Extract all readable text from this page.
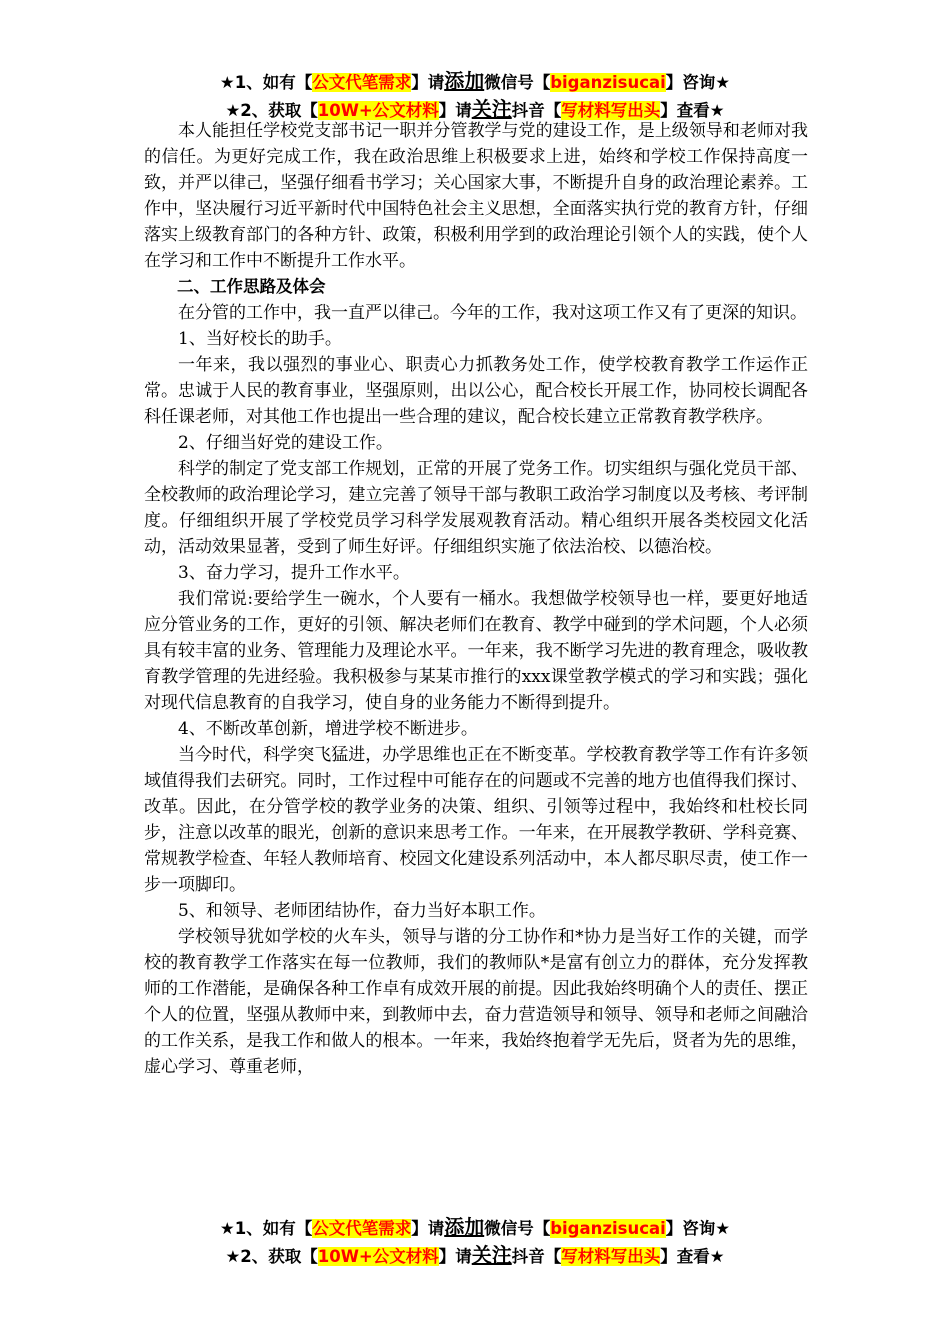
★1、如有【公文代笔需求】请添加微信号【biganzisucai】咨询★
★2、获取【10W+公文材料】请关注抖音【写材料写出头】查看★

本人能担任学校党支部书记一职并分管教学与党的建设工作，是上级领导和老师对我的信任。为更好完成工作，我在政治思维上积极要求上进，始终和学校工作保持高度一致，并严以律己，坚强仔细看书学习；关心国家大事，不断提升自身的政治理论素养。工作中，坚决履行习近平新时代中国特色社会主义思想，全面落实执行党的教育方针，仔细落实上级教育部门的各种方针、政策，积极利用学到的政治理论引领个人的实践，使个人在学习和工作中不断提升工作水平。

二、工作思路及体会

在分管的工作中，我一直严以律己。今年的工作，我对这项工作又有了更深的知识。

1、当好校长的助手。

一年来，我以强烈的事业心、职责心力抓教务处工作，使学校教育教学工作运作正常。忠诚于人民的教育事业，坚强原则，出以公心，配合校长开展工作，协同校长调配各科任课老师，对其他工作也提出一些合理的建议，配合校长建立正常教育教学秩序。

2、仔细当好党的建设工作。

科学的制定了党支部工作规划，正常的开展了党务工作。切实组织与强化党员干部、全校教师的政治理论学习，建立完善了领导干部与教职工政治学习制度以及考核、考评制度。仔细组织开展了学校党员学习科学发展观教育活动。精心组织开展各类校园文化活动，活动效果显著，受到了师生好评。仔细组织实施了依法治校、以德治校。

3、奋力学习，提升工作水平。

我们常说:要给学生一碗水，个人要有一桶水。我想做学校领导也一样，要更好地适应分管业务的工作，更好的引领、解决老师们在教育、教学中碰到的学术问题，个人必须具有较丰富的业务、管理能力及理论水平。一年来，我不断学习先进的教育理念，吸收教育教学管理的先进经验。我积极参与某某市推行的xxx课堂教学模式的学习和实践；强化对现代信息教育的自我学习，使自身的业务能力不断得到提升。

4、不断改革创新，增进学校不断进步。

当今时代，科学突飞猛进，办学思维也正在不断变革。学校教育教学等工作有许多领域值得我们去研究。同时，工作过程中可能存在的问题或不完善的地方也值得我们探讨、改革。因此，在分管学校的教学业务的决策、组织、引领等过程中，我始终和杜校长同步，注意以改革的眼光，创新的意识来思考工作。一年来，在开展教学教研、学科竞赛、常规教学检查、年轻人教师培育、校园文化建设系列活动中，本人都尽职尽责，使工作一步一项脚印。

5、和领导、老师团结协作，奋力当好本职工作。

学校领导犹如学校的火车头，领导与谐的分工协作和*协力是当好工作的关键，而学校的教育教学工作落实在每一位教师，我们的教师队*是富有创立力的群体，充分发挥教师的工作潜能，是确保各种工作卓有成效开展的前提。因此我始终明确个人的责任、摆正个人的位置，坚强从教师中来，到教师中去，奋力营造领导和领导、领导和老师之间融洽的工作关系，是我工作和做人的根本。一年来，我始终抱着学无先后，贤者为先的思维，虚心学习、尊重老师，

★1、如有【公文代笔需求】请添加微信号【biganzisucai】咨询★
★2、获取【10W+公文材料】请关注抖音【写材料写出头】查看★
